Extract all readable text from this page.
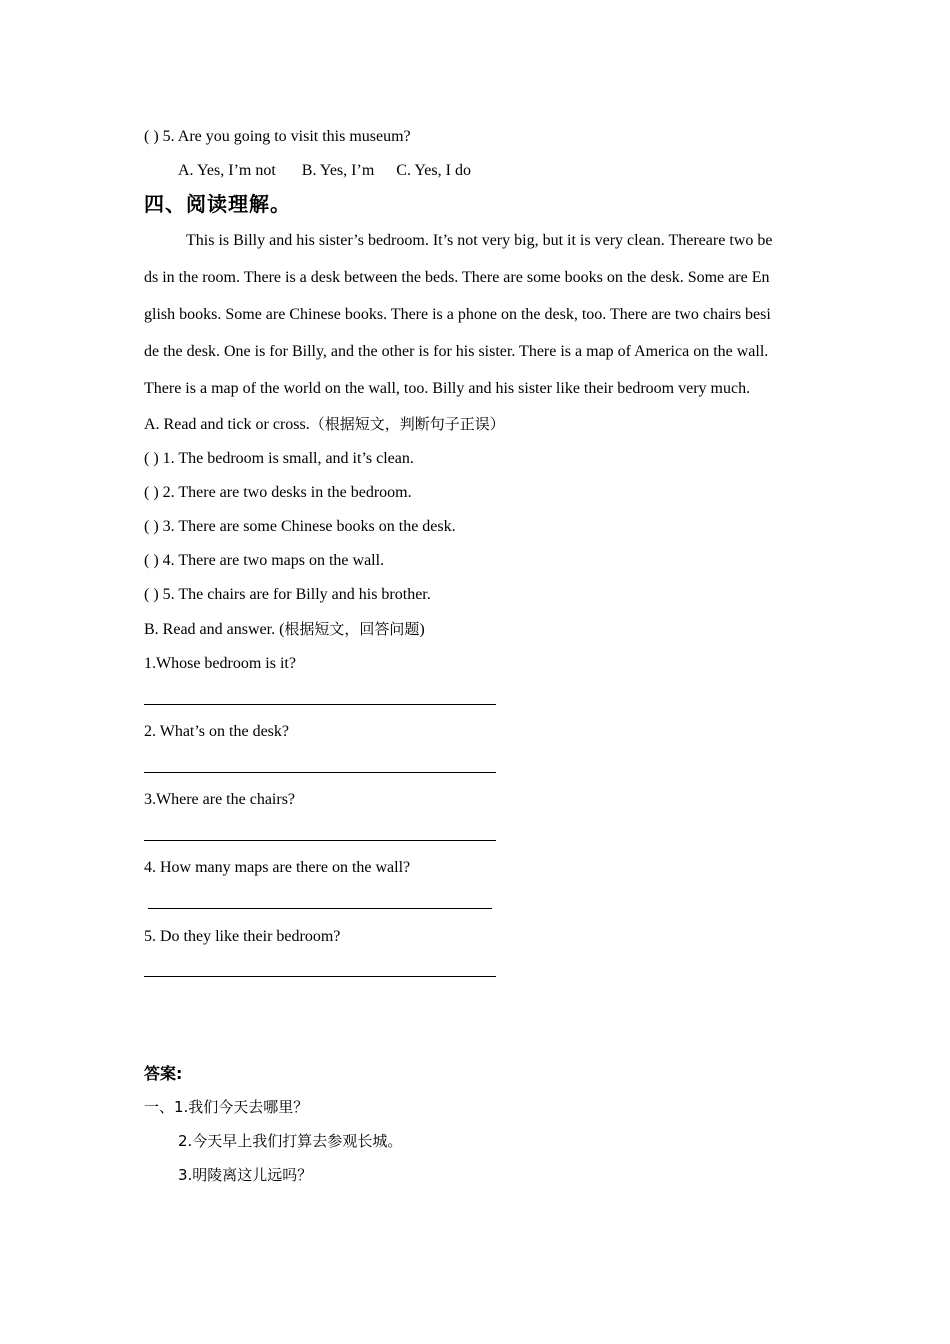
( ) 5. Are you going to visit this museum?
A. Yes, I’m not B. Yes, I’m C. Yes, I do
四、阅读理解。
This is Billy and his sister’s bedroom. It’s not very big, but it is very clean. Thereare two be
ds in the room. There is a desk between the beds. There are some books on the desk. Some are En
glish books. Some are Chinese books. There is a phone on the desk, too. There are two chairs besi
de the desk. One is for Billy, and the other is for his sister. There is a map of America on the wall.
There is a map of the world on the wall, too. Billy and his sister like their bedroom very much.
A. Read and tick or cross.（根据短文，判断句子正误）
( ) 1. The bedroom is small, and it’s clean.
( ) 2. There are two desks in the bedroom.
( ) 3. There are some Chinese books on the desk.
( ) 4. There are two maps on the wall.
( ) 5. The chairs are for Billy and his brother.
B. Read and answer. (根据短文，回答问题)
1.Whose bedroom is it?
2. What’s on the desk?
3.Where are the chairs?
4. How many maps are there on the wall?
5. Do they like their bedroom?
答案:
一、1.我们今天去哪里？
2.今天早上我们打算去参观长城。
3.明陵离这儿远吗？
